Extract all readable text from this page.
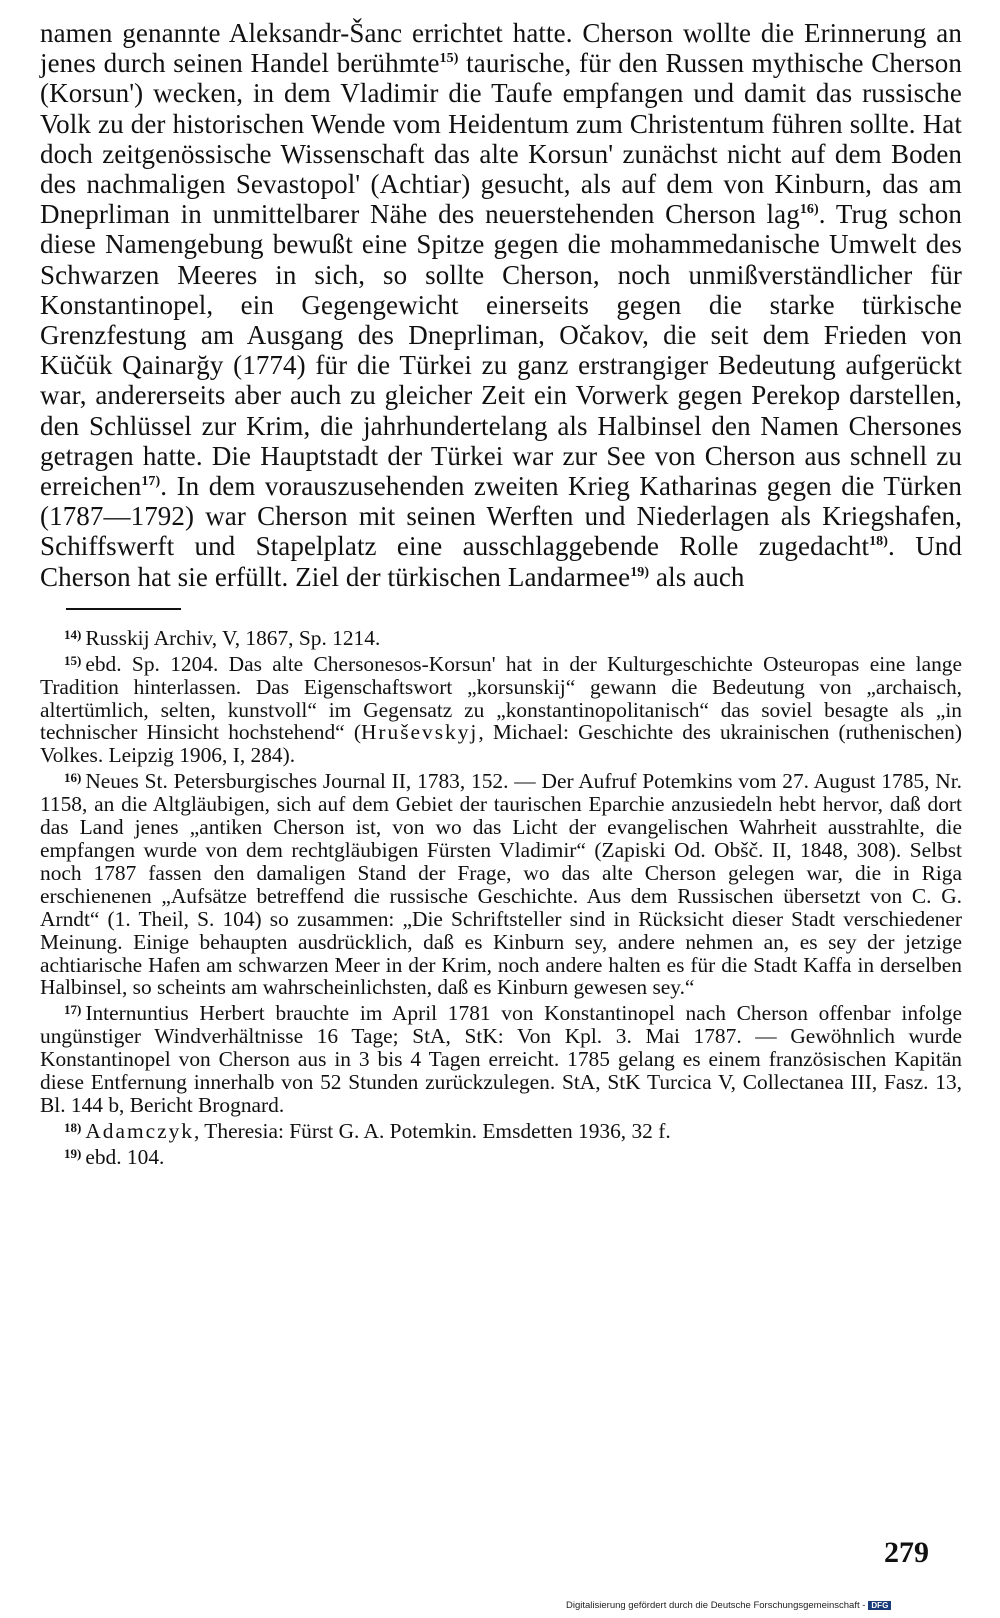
namen genannte Aleksandr-Šanc errichtet hatte. Cherson wollte die Erinnerung an jenes durch seinen Handel berühmte$^{15)}$ taurische, für den Russen mythische Cherson (Korsun') wecken, in dem Vladimir die Taufe empfangen und damit das russische Volk zu der historischen Wende vom Heidentum zum Christentum führen sollte. Hat doch zeitgenössische Wissenschaft das alte Korsun' zunächst nicht auf dem Boden des nachmaligen Sevastopol' (Achtiar) gesucht, als auf dem von Kinburn, das am Dneprliman in unmittelbarer Nähe des neuerstehenden Cherson lag$^{16)}$. Trug schon diese Namengebung bewußt eine Spitze gegen die mohammedanische Umwelt des Schwarzen Meeres in sich, so sollte Cherson, noch unmißverständlicher für Konstantinopel, ein Gegengewicht einerseits gegen die starke türkische Grenzfestung am Ausgang des Dneprliman, Očakov, die seit dem Frieden von Küčük Qainarğy (1774) für die Türkei zu ganz erstrangiger Bedeutung aufgerückt war, andererseits aber auch zu gleicher Zeit ein Vorwerk gegen Perekop darstellen, den Schlüssel zur Krim, die jahrhundertelang als Halbinsel den Namen Chersones getragen hatte. Die Hauptstadt der Türkei war zur See von Cherson aus schnell zu erreichen$^{17)}$. In dem vorauszusehenden zweiten Krieg Katharinas gegen die Türken (1787—1792) war Cherson mit seinen Werften und Niederlagen als Kriegshafen, Schiffswerft und Stapelplatz eine ausschlaggebende Rolle zugedacht$^{18)}$. Und Cherson hat sie erfüllt. Ziel der türkischen Landarmee$^{19)}$ als auch

$^{14)}$ Russkij Archiv, V, 1867, Sp. 1214.

$^{15)}$ ebd. Sp. 1204. Das alte Chersonesos-Korsun' hat in der Kulturgeschichte Osteuropas eine lange Tradition hinterlassen. Das Eigenschaftswort „korsunskij“ gewann die Bedeutung von „archaisch, altertümlich, selten, kunstvoll“ im Gegensatz zu „konstantinopolitanisch“ das soviel besagte als „in technischer Hinsicht hochstehend“ (Hruševskyj, Michael: Geschichte des ukrainischen (ruthenischen) Volkes. Leipzig 1906, I, 284).

$^{16)}$ Neues St. Petersburgisches Journal II, 1783, 152. — Der Aufruf Potemkins vom 27. August 1785, Nr. 1158, an die Altgläubigen, sich auf dem Gebiet der taurischen Eparchie anzusiedeln hebt hervor, daß dort das Land jenes „antiken Cherson ist, von wo das Licht der evangelischen Wahrheit ausstrahlte, die empfangen wurde von dem rechtgläubigen Fürsten Vladimir“ (Zapiski Od. Obšč. II, 1848, 308). Selbst noch 1787 fassen den damaligen Stand der Frage, wo das alte Cherson gelegen war, die in Riga erschienenen „Aufsätze betreffend die russische Geschichte. Aus dem Russischen übersetzt von C. G. Arndt“ (1. Theil, S. 104) so zusammen: „Die Schriftsteller sind in Rücksicht dieser Stadt verschiedener Meinung. Einige behaupten ausdrücklich, daß es Kinburn sey, andere nehmen an, es sey der jetzige achtiarische Hafen am schwarzen Meer in der Krim, noch andere halten es für die Stadt Kaffa in derselben Halbinsel, so scheints am wahrscheinlichsten, daß es Kinburn gewesen sey.“

$^{17)}$ Internuntius Herbert brauchte im April 1781 von Konstantinopel nach Cherson offenbar infolge ungünstiger Windverhältnisse 16 Tage; StA, StK: Von Kpl. 3. Mai 1787. — Gewöhnlich wurde Konstantinopel von Cherson aus in 3 bis 4 Tagen erreicht. 1785 gelang es einem französischen Kapitän diese Entfernung innerhalb von 52 Stunden zurückzulegen. StA, StK Turcica V, Collectanea III, Fasz. 13, Bl. 144 b, Bericht Brognard.

$^{18)}$ Adamczyk, Theresia: Fürst G. A. Potemkin. Emsdetten 1936, 32 f.

$^{19)}$ ebd. 104.

279
Digitalisierung gefördert durch die Deutsche Forschungsgemeinschaft - DFG
